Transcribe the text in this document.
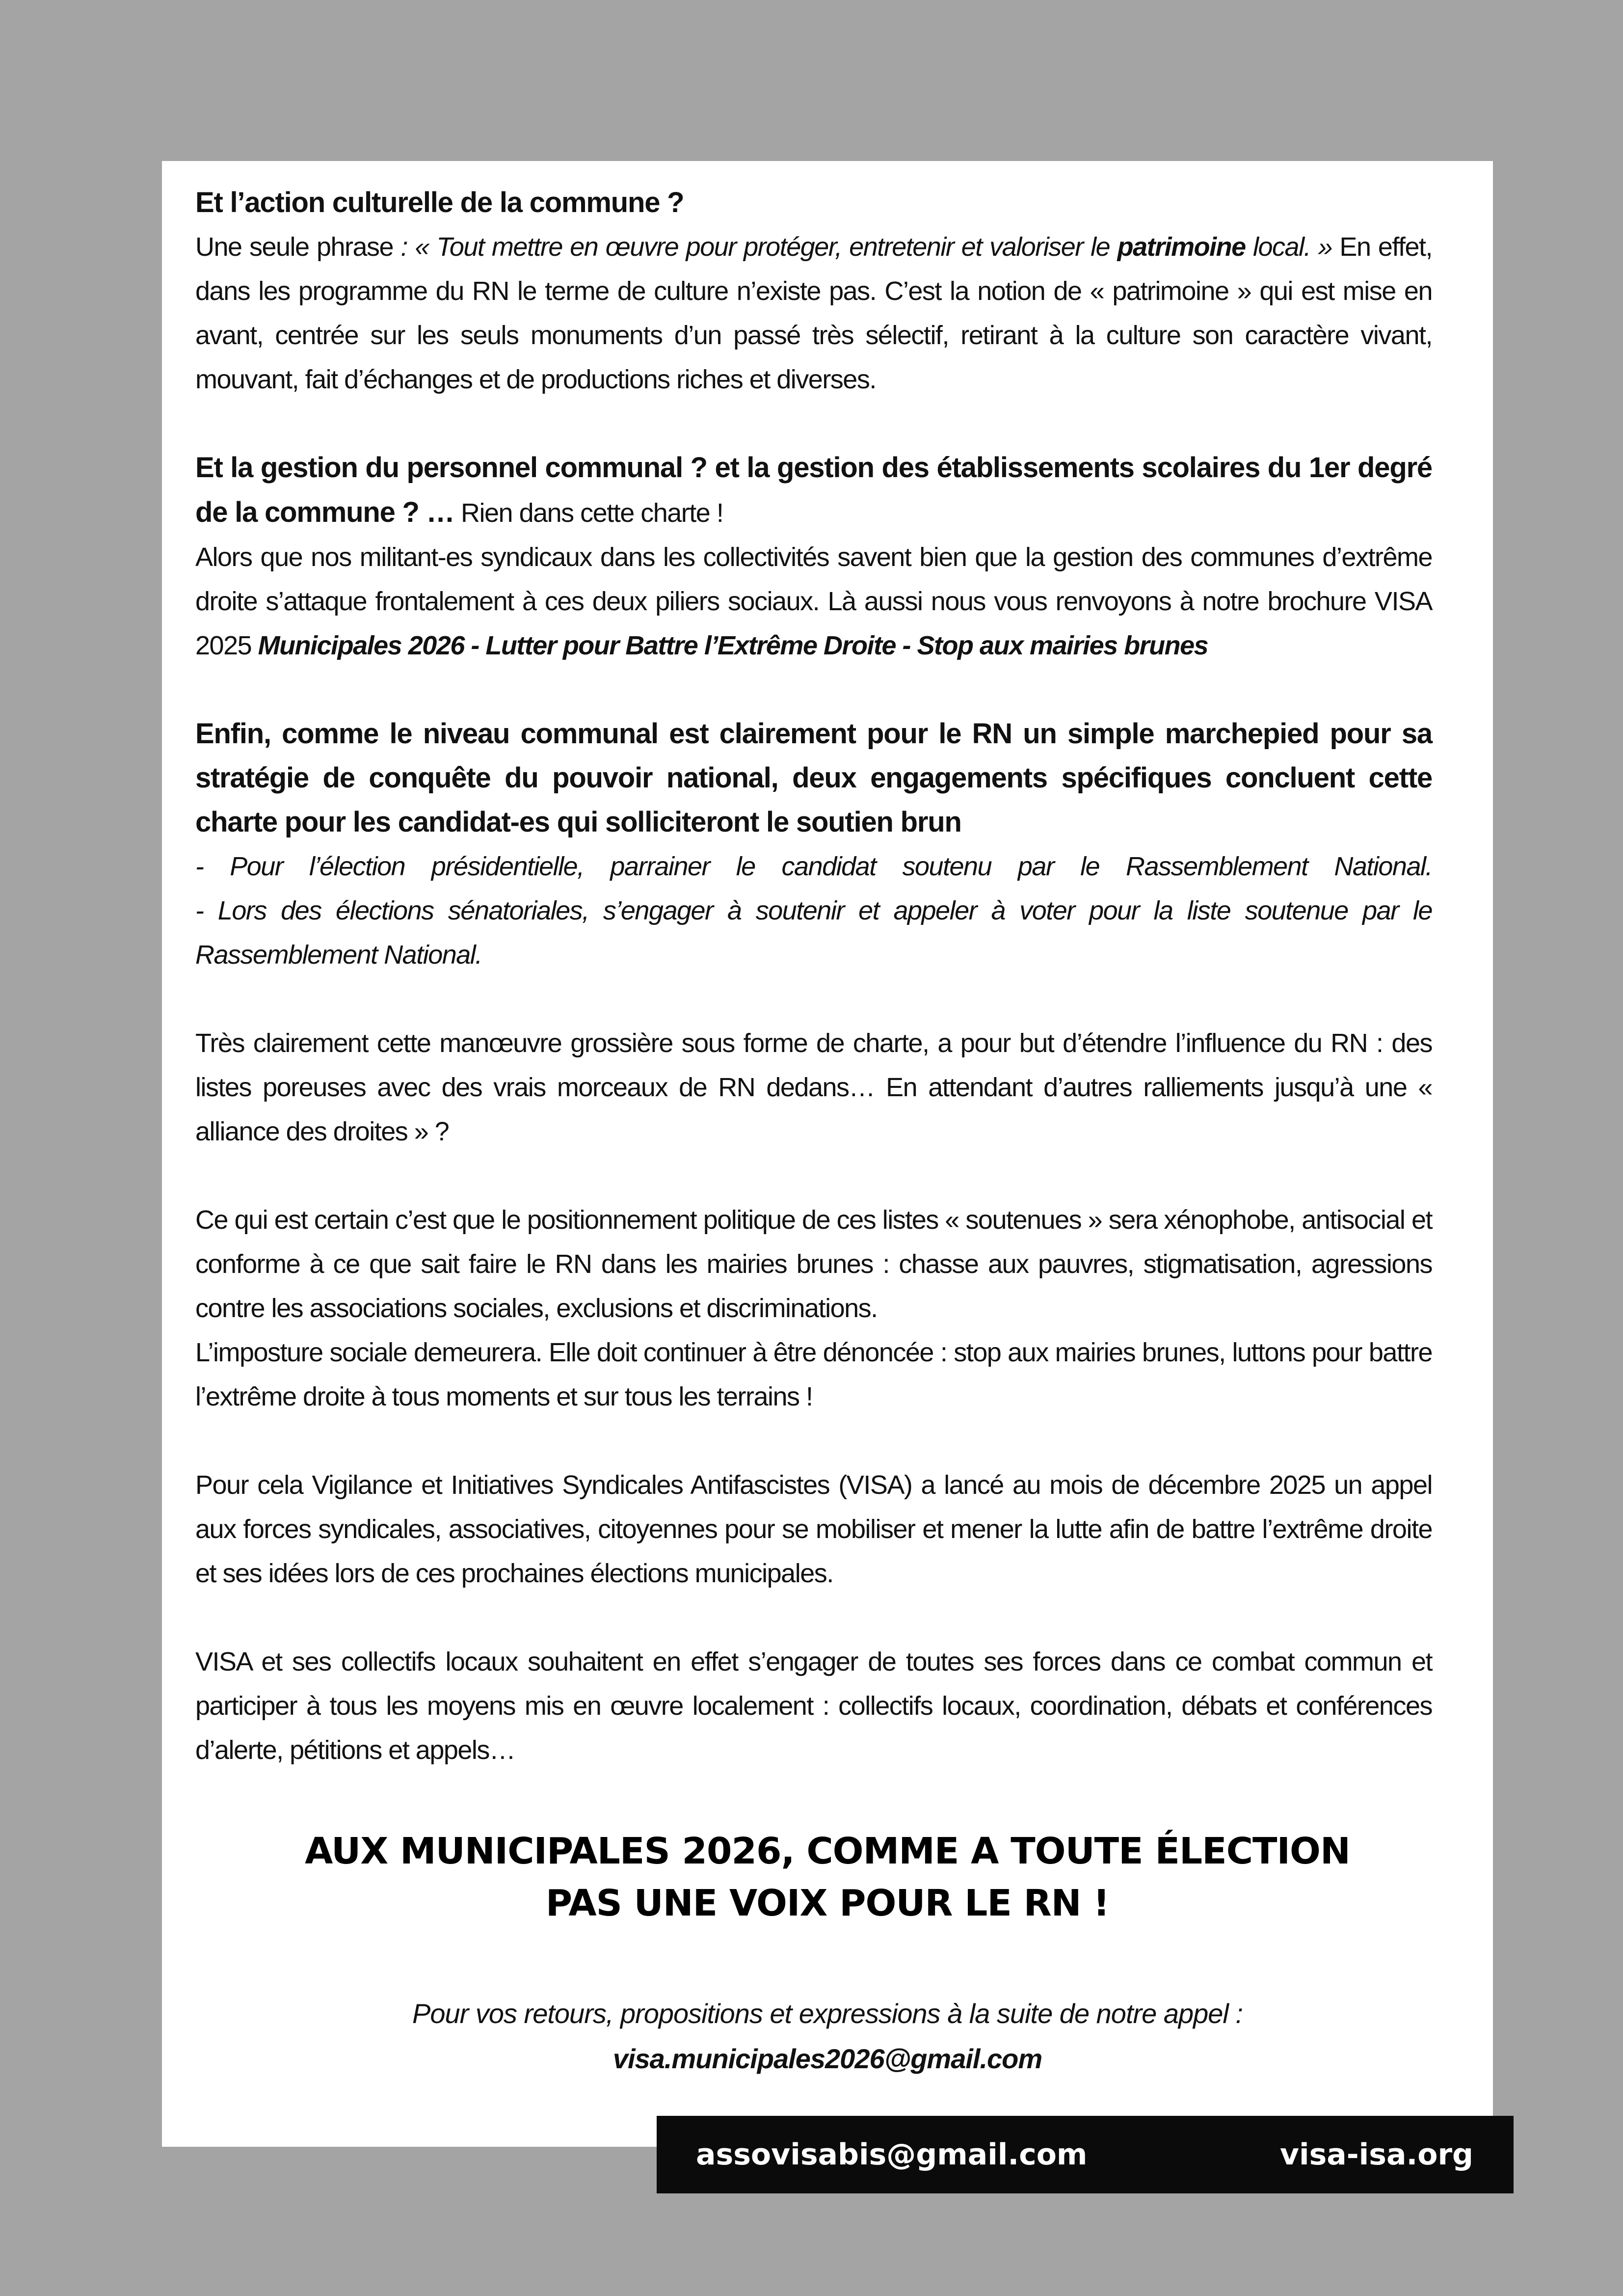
Et l’action culturelle de la commune ?
Une seule phrase : « Tout mettre en œuvre pour protéger, entretenir et valoriser le patrimoine local. » En effet, dans les programme du RN le terme de culture n’existe pas. C’est la notion de « patrimoine » qui est mise en avant, centrée sur les seuls monuments d’un passé très sélectif, retirant à la culture son caractère vivant, mouvant, fait d’échanges et de productions riches et diverses.
Et la gestion du personnel communal ? et la gestion des établissements scolaires du 1er degré de la commune ? … Rien dans cette charte !
Alors que nos militant-es syndicaux dans les collectivités savent bien que la gestion des communes d’extrême droite s’attaque frontalement à ces deux piliers sociaux. Là aussi nous vous renvoyons à notre brochure VISA 2025 Municipales 2026 - Lutter pour Battre l’Extrême Droite - Stop aux mairies brunes
Enfin, comme le niveau communal est clairement pour le RN un simple marchepied pour sa stratégie de conquête du pouvoir national, deux engagements spécifiques concluent cette charte pour les candidat-es qui solliciteront le soutien brun
- Pour l’élection présidentielle, parrainer le candidat soutenu par le Rassemblement National.
- Lors des élections sénatoriales, s’engager à soutenir et appeler à voter pour la liste soutenue par le Rassemblement National.
Très clairement cette manœuvre grossière sous forme de charte, a pour but d’étendre l’influence du RN : des listes poreuses avec des vrais morceaux de RN dedans… En attendant d’autres ralliements jusqu’à une « alliance des droites » ?
Ce qui est certain c’est que le positionnement politique de ces listes « soutenues » sera xénophobe, antisocial et conforme à ce que sait faire le RN dans les mairies brunes : chasse aux pauvres, stigmatisation, agressions contre les associations sociales, exclusions et discriminations.
L’imposture sociale demeurera. Elle doit continuer à être dénoncée : stop aux mairies brunes, luttons pour battre l’extrême droite à tous moments et sur tous les terrains !
Pour cela Vigilance et Initiatives Syndicales Antifascistes (VISA) a lancé au mois de décembre 2025 un appel aux forces syndicales, associatives, citoyennes pour se mobiliser et mener la lutte afin de battre l’extrême droite et ses idées lors de ces prochaines élections municipales.
VISA et ses collectifs locaux souhaitent en effet s’engager de toutes ses forces dans ce combat commun et participer à tous les moyens mis en œuvre localement : collectifs locaux, coordination, débats et conférences d’alerte, pétitions et appels…
AUX MUNICIPALES 2026, COMME A TOUTE ÉLECTION
PAS UNE VOIX POUR LE RN !
Pour vos retours, propositions et expressions à la suite de notre appel :
visa.municipales2026@gmail.com
assovisabis@gmail.com	visa-isa.org
